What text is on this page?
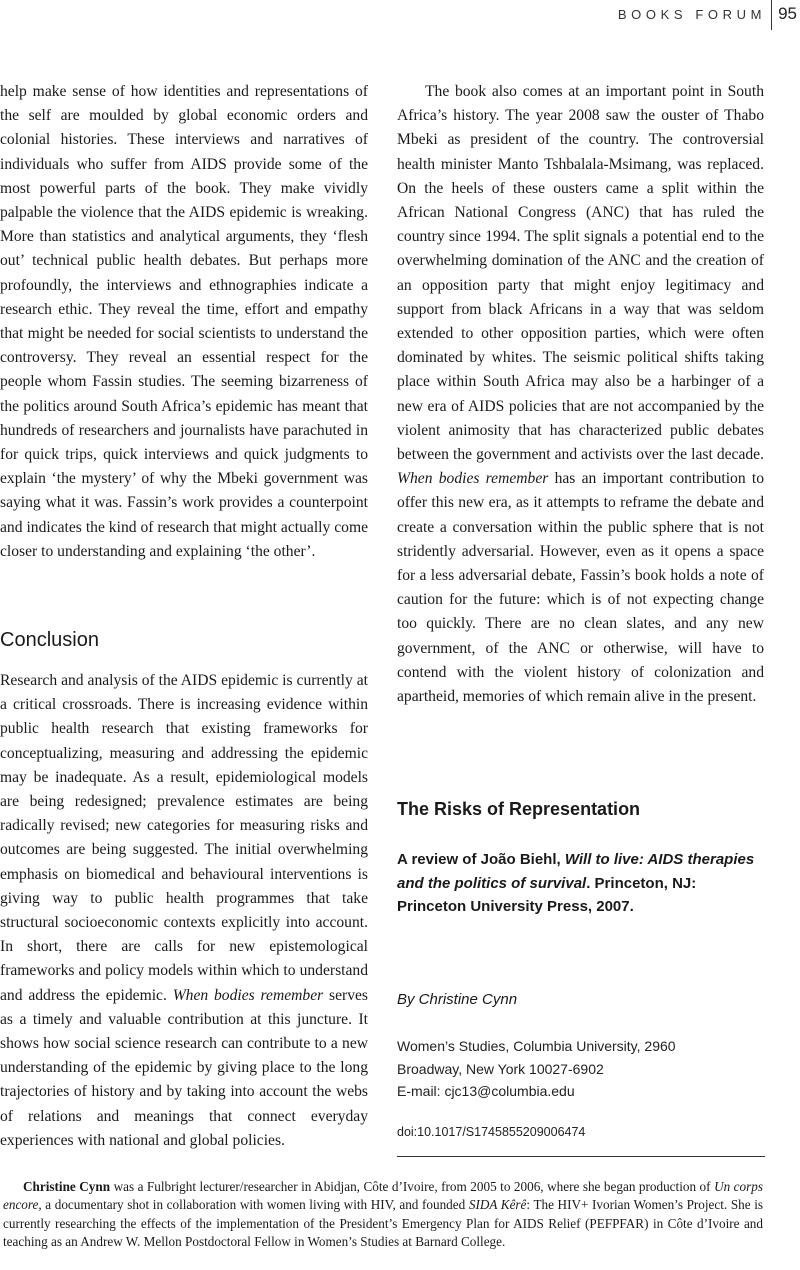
BOOKS FORUM 95

help make sense of how identities and representations of the self are moulded by global economic orders and colonial histories. These interviews and narratives of individuals who suffer from AIDS provide some of the most powerful parts of the book. They make vividly palpable the violence that the AIDS epidemic is wreaking. More than statistics and analytical arguments, they ‘flesh out’ technical public health debates. But perhaps more profoundly, the interviews and ethnographies indicate a research ethic. They reveal the time, effort and empathy that might be needed for social scientists to understand the controversy. They reveal an essential respect for the people whom Fassin studies. The seeming bizarreness of the politics around South Africa’s epidemic has meant that hundreds of researchers and journalists have parachuted in for quick trips, quick interviews and quick judgments to explain ‘the mystery’ of why the Mbeki government was saying what it was. Fassin’s work provides a counterpoint and indicates the kind of research that might actually come closer to understanding and explaining ‘the other’.

Conclusion

Research and analysis of the AIDS epidemic is currently at a critical crossroads. There is increasing evidence within public health research that existing frameworks for conceptualizing, measuring and addressing the epidemic may be inadequate. As a result, epidemiological models are being redesigned; prevalence estimates are being radically revised; new categories for measuring risks and outcomes are being suggested. The initial overwhelming emphasis on biomedical and behavioural interventions is giving way to public health programmes that take structural socioeconomic contexts explicitly into account. In short, there are calls for new epistemological frameworks and policy models within which to understand and address the epidemic. When bodies remember serves as a timely and valuable contribution at this juncture. It shows how social science research can contribute to a new understanding of the epidemic by giving place to the long trajectories of history and by taking into account the webs of relations and meanings that connect everyday experiences with national and global policies.

The book also comes at an important point in South Africa’s history. The year 2008 saw the ouster of Thabo Mbeki as president of the country. The controversial health minister Manto Tshbalala-Msimang, was replaced. On the heels of these ousters came a split within the African National Congress (ANC) that has ruled the country since 1994. The split signals a potential end to the overwhelming domination of the ANC and the creation of an opposition party that might enjoy legitimacy and support from black Africans in a way that was seldom extended to other opposition parties, which were often dominated by whites. The seismic political shifts taking place within South Africa may also be a harbinger of a new era of AIDS policies that are not accompanied by the violent animosity that has characterized public debates between the government and activists over the last decade. When bodies remember has an important contribution to offer this new era, as it attempts to reframe the debate and create a conversation within the public sphere that is not stridently adversarial. However, even as it opens a space for a less adversarial debate, Fassin’s book holds a note of caution for the future: which is of not expecting change too quickly. There are no clean slates, and any new government, of the ANC or otherwise, will have to contend with the violent history of colonization and apartheid, memories of which remain alive in the present.

The Risks of Representation
A review of João Biehl, Will to live: AIDS therapies and the politics of survival. Princeton, NJ: Princeton University Press, 2007.
By Christine Cynn
Women’s Studies, Columbia University, 2960
Broadway, New York 10027-6902
E-mail: cjc13@columbia.edu
doi:10.1017/S1745855209006474

Christine Cynn was a Fulbright lecturer/researcher in Abidjan, Côte d’Ivoire, from 2005 to 2006, where she began production of Un corps encore, a documentary shot in collaboration with women living with HIV, and founded SIDA Kêrê: The HIV+ Ivorian Women’s Project. She is currently researching the effects of the implementation of the President’s Emergency Plan for AIDS Relief (PEFPFAR) in Côte d’Ivoire and teaching as an Andrew W. Mellon Postdoctoral Fellow in Women’s Studies at Barnard College.
